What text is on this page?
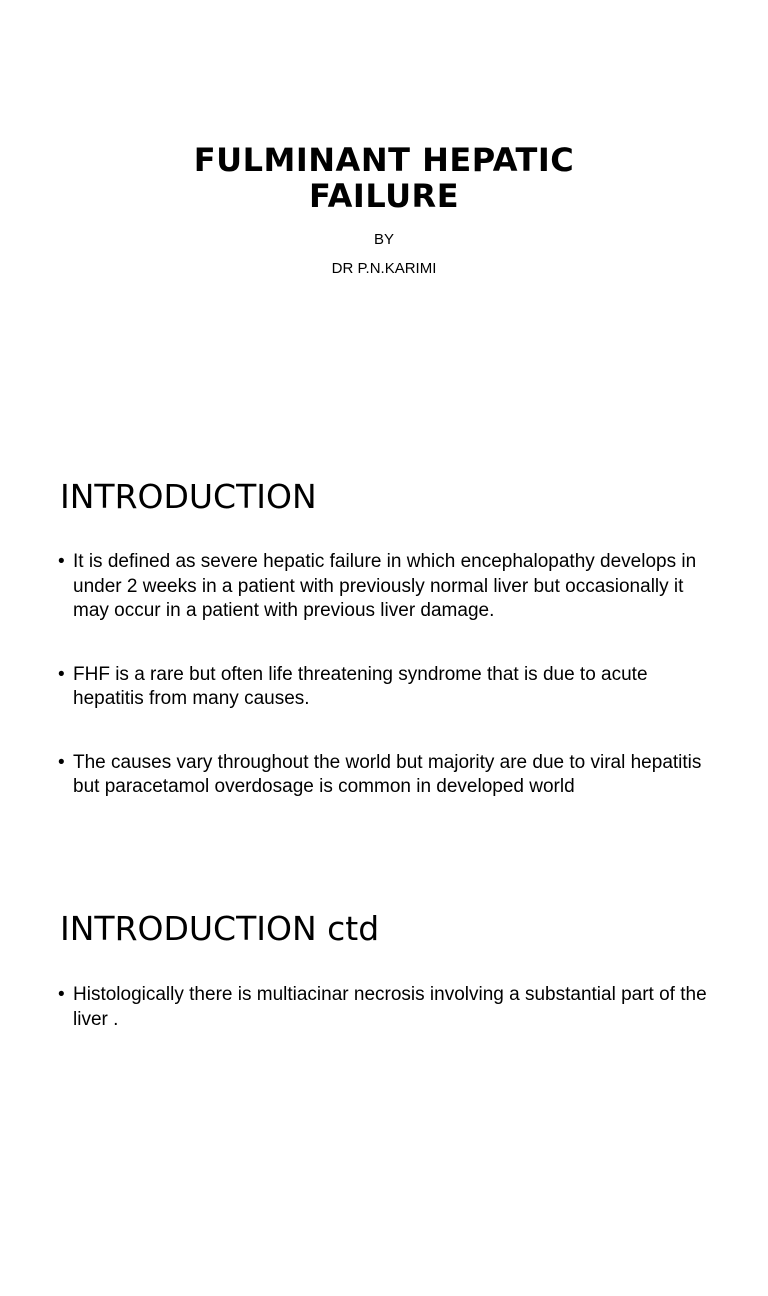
FULMINANT HEPATIC
FAILURE
BY
DR P.N.KARIMI
INTRODUCTION
• It is defined as severe hepatic failure in which encephalopathy develops in under 2 weeks in a patient with previously normal liver but occasionally it may occur in a patient with previous liver damage.
• FHF is a rare but often life threatening syndrome that is due to acute hepatitis from many causes.
• The causes vary throughout the world but majority are due to viral hepatitis but paracetamol overdosage is common in developed world
INTRODUCTION ctd
• Histologically there is multiacinar necrosis involving a substantial part of the liver .
